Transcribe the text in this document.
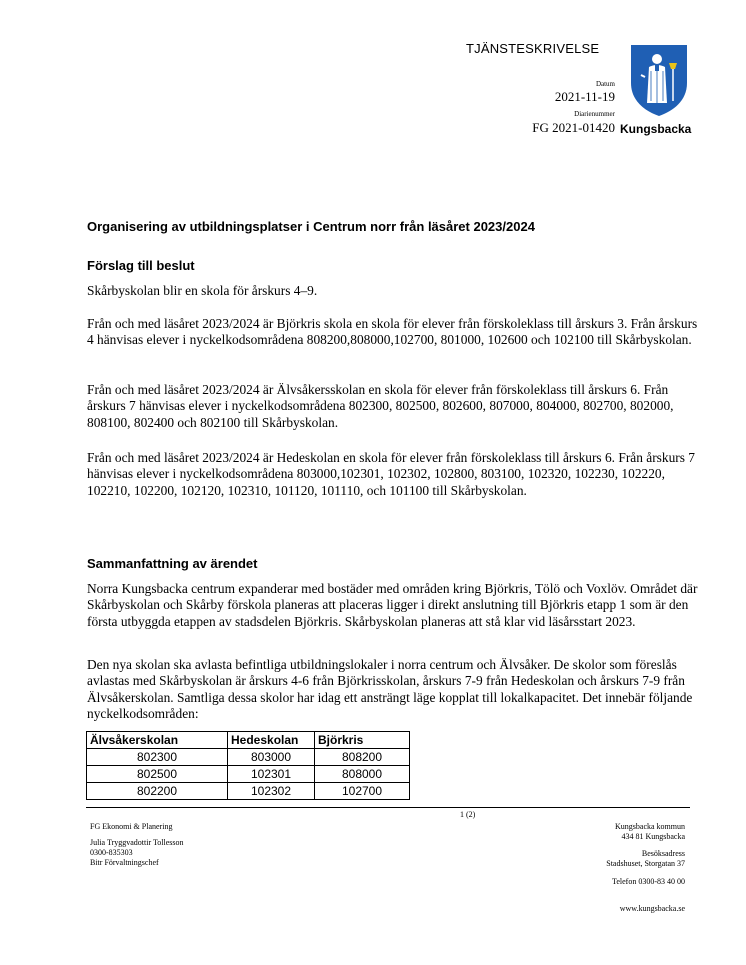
TJÄNSTESKRIVELSE
Datum
2021-11-19
Diarienummer
FG 2021-01420 Kungsbacka
Organisering av utbildningsplatser i Centrum norr från läsåret 2023/2024
Förslag till beslut

Skårbyskolan blir en skola för årskurs 4–9.

Från och med läsåret 2023/2024 är Björkris skola en skola för elever från förskoleklass till årskurs 3. Från årskurs 4 hänvisas elever i nyckelkodsområdena 808200,808000,102700, 801000, 102600 och 102100 till Skårbyskolan.

Från och med läsåret 2023/2024 är Älvsåkersskolan en skola för elever från förskoleklass till årskurs 6. Från årskurs 7 hänvisas elever i nyckelkodsområdena 802300, 802500, 802600, 807000, 804000, 802700, 802000, 808100, 802400 och 802100 till Skårbyskolan.

Från och med läsåret 2023/2024 är Hedeskolan en skola för elever från förskoleklass till årskurs 6. Från årskurs 7 hänvisas elever i nyckelkodsområdena 803000,102301, 102302, 102800, 803100, 102320, 102230, 102220, 102210, 102200, 102120, 102310, 101120, 101110, och 101100 till Skårbyskolan.

Sammanfattning av ärendet

Norra Kungsbacka centrum expanderar med bostäder med områden kring Björkris, Tölö och Voxlöv. Området där Skårbyskolan och Skårby förskola planeras att placeras ligger i direkt anslutning till Björkris etapp 1 som är den första utbyggda etappen av stadsdelen Björkris. Skårbyskolan planeras att stå klar vid läsårsstart 2023.

Den nya skolan ska avlasta befintliga utbildningslokaler i norra centrum och Älvsåker. De skolor som föreslås avlastas med Skårbyskolan är årskurs 4-6 från Björkrisskolan, årskurs 7-9 från Hedeskolan och årskurs 7-9 från Älvsåkerskolan. Samtliga dessa skolor har idag ett ansträngt läge kopplat till lokalkapacitet. Det innebär följande nyckelkodsområden:

Älvsåkerskolan	Hedeskolan	Björkris
802300	803000	808200
802500	102301	808000
802200	102302	102700
1 (2)
FG Ekonomi & Planering
Julia Tryggvadottir Tollesson
0300-835303
Bitr Förvaltningschef
Kungsbacka kommun
434 81 Kungsbacka
Besöksadress
Stadshuset, Storgatan 37
Telefon 0300-83 40 00
www.kungsbacka.se
